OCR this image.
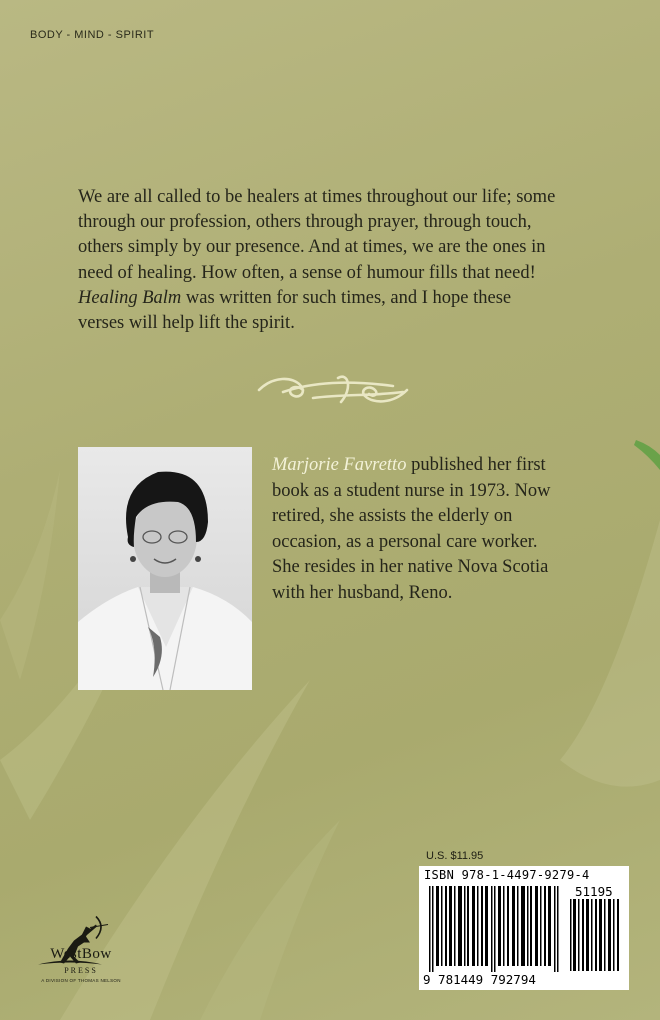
BODY - MIND - SPIRIT
We are all called to be healers at times throughout our life; some through our profession, others through prayer, through touch, others simply by our presence. And at times, we are the ones in need of healing. How often, a sense of humour fills that need! Healing Balm was written for such times, and I hope these verses will help lift the spirit.
Marjorie Favretto published her first book as a student nurse in 1973. Now retired, she assists the elderly on occasion, as a personal care worker. She resides in her native Nova Scotia with her husband, Reno.
U.S. $11.95
ISBN 978-1-4497-9279-4
51195
9 781449 792794
WestBow
PRESS
A DIVISION OF THOMAS NELSON
